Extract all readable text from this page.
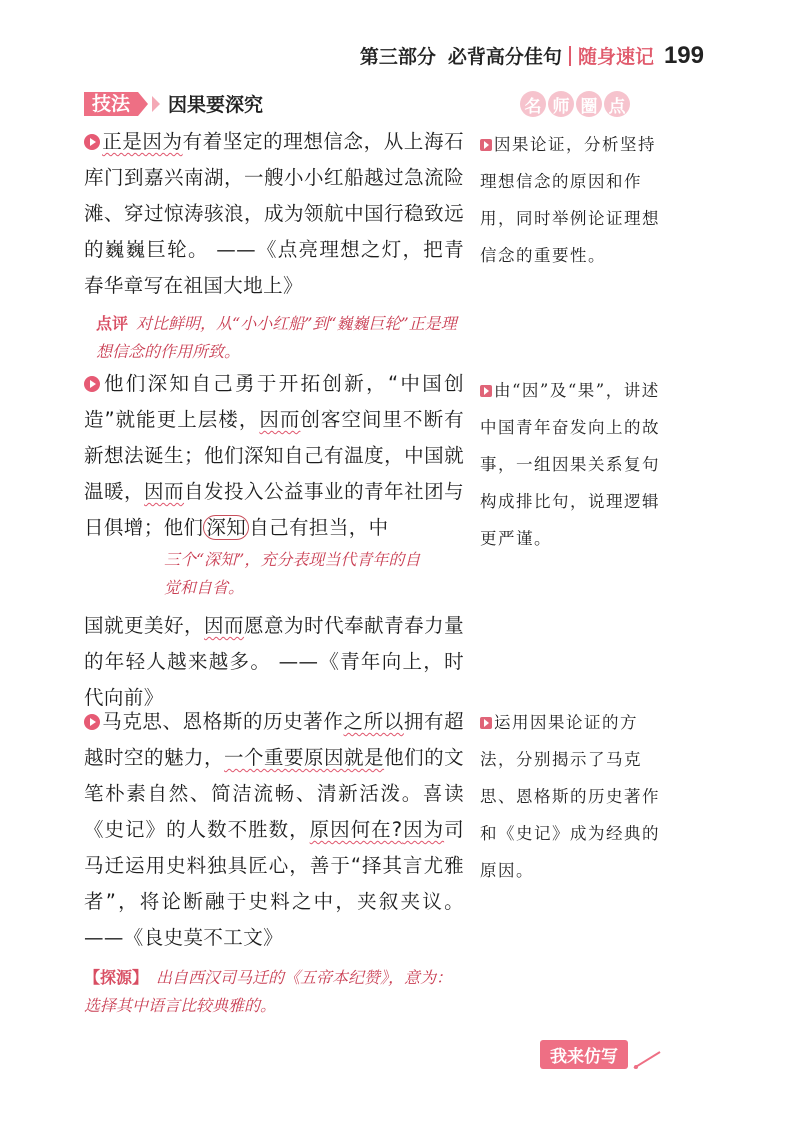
第三部分 必背高分佳句 随身速记 199
技法	因果要深究	名 师 圈 点

正是因为有着坚定的理想信念，从上海石库门到嘉兴南湖，一艘小小红船越过急流险滩、穿过惊涛骇浪，成为领航中国行稳致远的巍巍巨轮。 ——《点亮理想之灯，把青春华章写在祖国大地上》

点评 对比鲜明，从“小小红船”到“巍巍巨轮”正是理想信念的作用所致。

他们深知自己勇于开拓创新，“中国创造”就能更上层楼，因而创客空间里不断有新想法诞生；他们深知自己有温度，中国就温暖，因而自发投入公益事业的青年社团与日俱增；他们 深知 自己有担当，中

三个“深知”，充分表现当代青年的自觉和自省。

国就更美好，因而愿意为时代奉献青春力量的年轻人越来越多。 ——《青年向上，时代向前》

马克思、恩格斯的历史著作之所以拥有超越时空的魅力，一个重要原因就是他们的文笔朴素自然、简洁流畅、清新活泼。喜读《史记》的人数不胜数，原因何在?因为司马迁运用史料独具匠心，善于“择其言尤雅者”，将论断融于史料之中，夹叙夹议。 ——《良史莫不工文》

【探源】 出自西汉司马迁的《五帝本纪赞》，意为：选择其中语言比较典雅的。

因果论证，分析坚持理想信念的原因和作用，同时举例论证理想信念的重要性。

由“因”及“果”，讲述中国青年奋发向上的故事，一组因果关系复句构成排比句，说理逻辑更严谨。

运用因果论证的方法，分别揭示了马克思、恩格斯的历史著作和《史记》成为经典的原因。

我来仿写
